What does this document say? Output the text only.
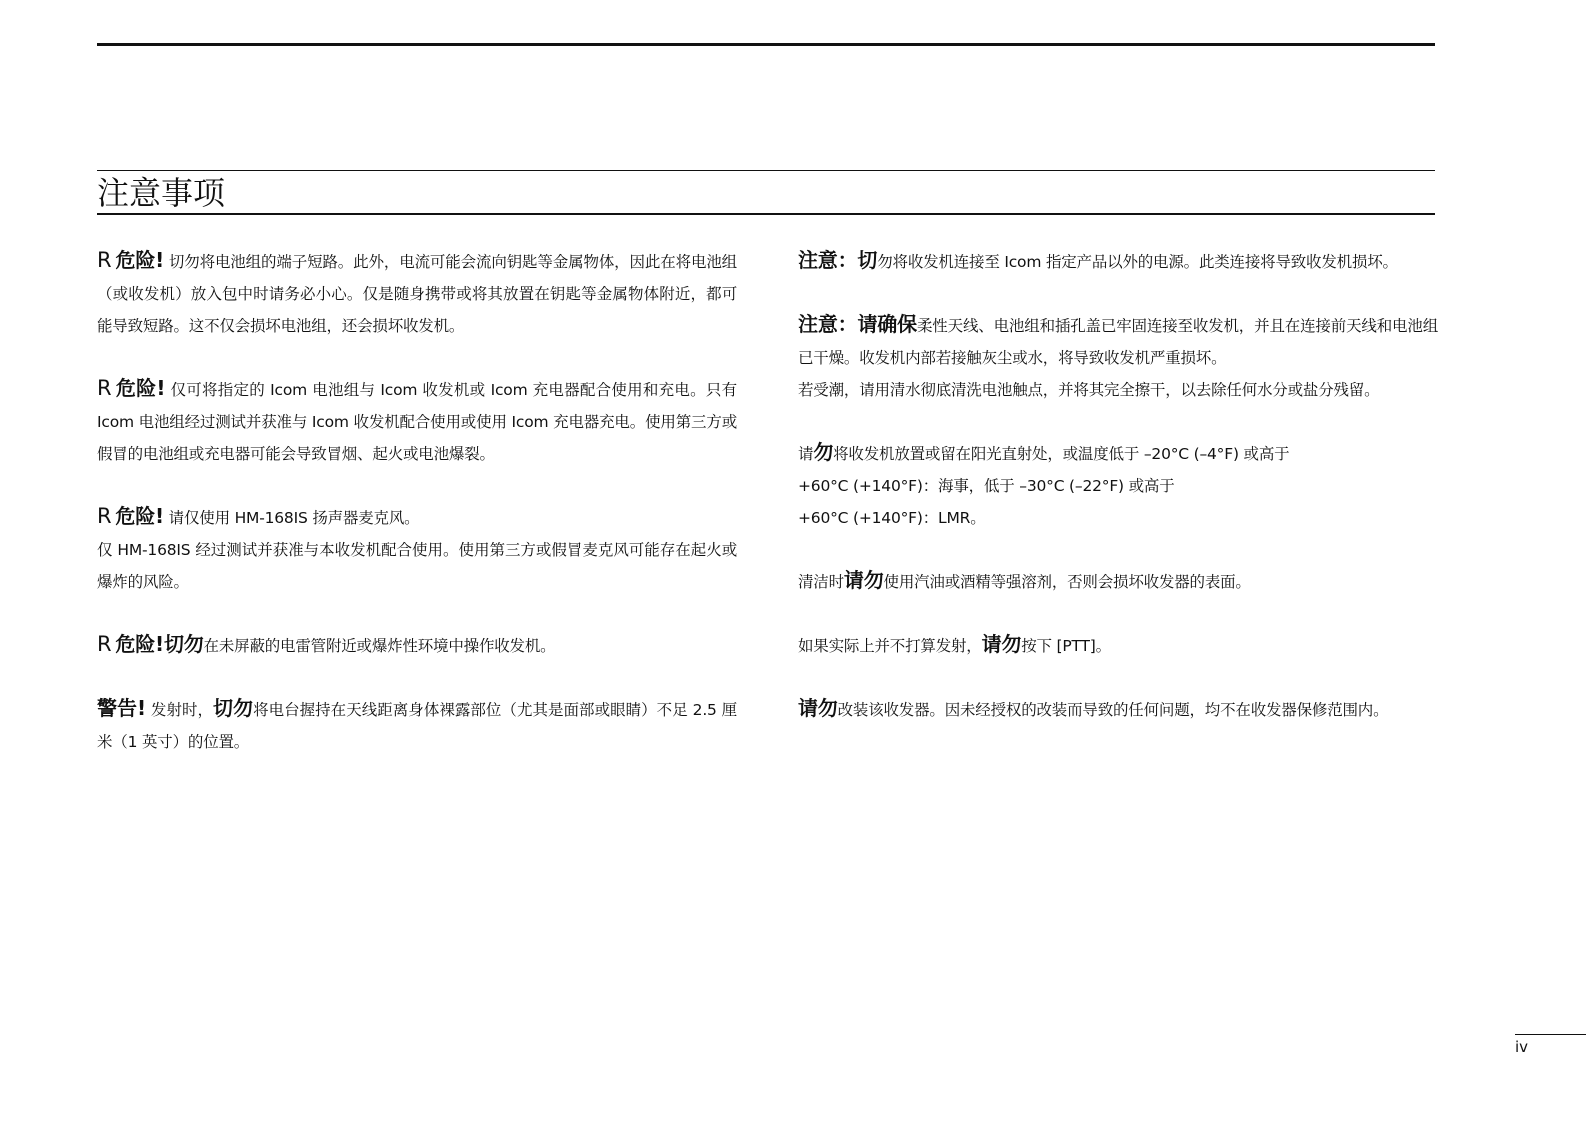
注意事项

R 危险! 切勿将电池组的端子短路。此外，电流可能会流向钥匙等金属物体，因此在将电池组（或收发机）放入包中时请务必小心。仅是随身携带或将其放置在钥匙等金属物体附近，都可能导致短路。这不仅会损坏电池组，还会损坏收发机。

R 危险! 仅可将指定的 Icom 电池组与 Icom 收发机或 Icom 充电器配合使用和充电。只有 Icom 电池组经过测试并获准与 Icom 收发机配合使用或使用 Icom 充电器充电。使用第三方或假冒的电池组或充电器可能会导致冒烟、起火或电池爆裂。

R 危险! 请仅使用 HM-168IS 扬声器麦克风。

仅 HM-168IS 经过测试并获准与本收发机配合使用。使用第三方或假冒麦克风可能存在起火或爆炸的风险。

R 危险!切勿在未屏蔽的电雷管附近或爆炸性环境中操作收发机。

警告! 发射时，切勿将电台握持在天线距离身体裸露部位（尤其是面部或眼睛）不足 2.5 厘米（1 英寸）的位置。

注意：切勿将收发机连接至 Icom 指定产品以外的电源。此类连接将导致收发机损坏。

注意：请确保柔性天线、电池组和插孔盖已牢固连接至收发机，并且在连接前天线和电池组已干燥。收发机内部若接触灰尘或水，将导致收发机严重损坏。

若受潮，请用清水彻底清洗电池触点，并将其完全擦干，以去除任何水分或盐分残留。

请勿将收发机放置或留在阳光直射处，或温度低于 –20°C (–4°F) 或高于

+60°C (+140°F)：海事，低于 –30°C (–22°F) 或高于

+60°C (+140°F)：LMR。

清洁时请勿使用汽油或酒精等强溶剂，否则会损坏收发器的表面。

如果实际上并不打算发射，请勿按下 [PTT]。

请勿改装该收发器。因未经授权的改装而导致的任何问题，均不在收发器保修范围内。

iv
